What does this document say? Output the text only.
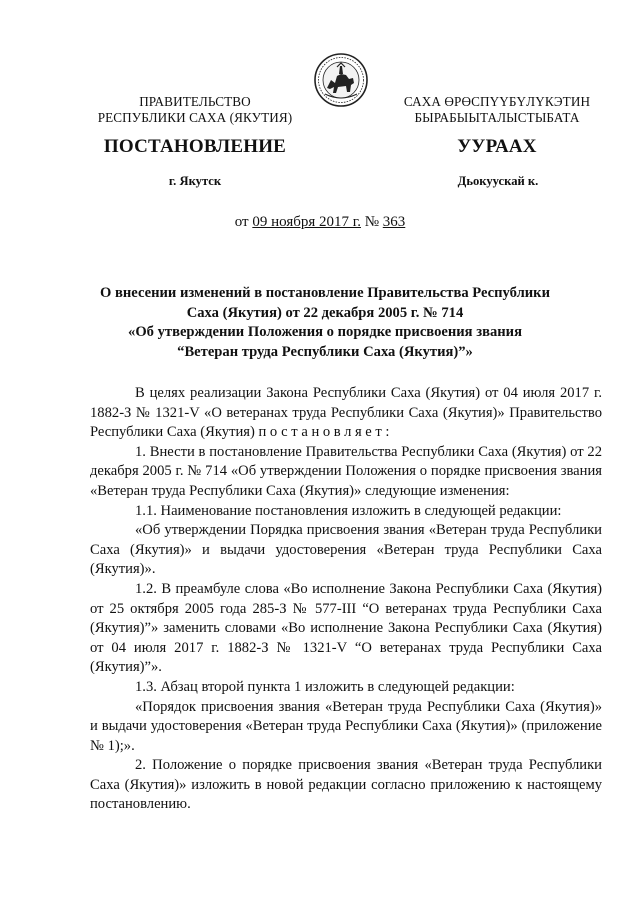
ПРАВИТЕЛЬСТВО
РЕСПУБЛИКИ САХА (ЯКУТИЯ)
САХА ӨРӨСПҮҮБҮЛҮКЭТИН
БЫРАБЫЫТАЛЫСТЫБАТА
ПОСТАНОВЛЕНИЕ	УУРААХ
г. Якутск	Дьокуускай к.
от 09 ноября 2017 г. № 363
О внесении изменений в постановление Правительства Республики
Саха (Якутия) от 22 декабря 2005 г. № 714
«Об утверждении Положения о порядке присвоения звания
“Ветеран труда Республики Саха (Якутия)”»

В целях реализации Закона Республики Саха (Якутия) от 04 июля 2017 г. 1882-З № 1321-V «О ветеранах труда Республики Саха (Якутия)» Правительство Республики Саха (Якутия) постановляет:

1. Внести в постановление Правительства Республики Саха (Якутия) от 22 декабря 2005 г. № 714 «Об утверждении Положения о порядке присвоения звания «Ветеран труда Республики Саха (Якутия)» следующие изменения:

1.1. Наименование постановления изложить в следующей редакции:

«Об утверждении Порядка присвоения звания «Ветеран труда Республики Саха (Якутия)» и выдачи удостоверения «Ветеран труда Республики Саха (Якутия)».

1.2. В преамбуле слова «Во исполнение Закона Республики Саха (Якутия) от 25 октября 2005 года 285-З № 577-III “О ветеранах труда Республики Саха (Якутия)”» заменить словами «Во исполнение Закона Республики Саха (Якутия) от 04 июля 2017 г. 1882-З № 1321-V “О ветеранах труда Республики Саха (Якутия)”».

1.3. Абзац второй пункта 1 изложить в следующей редакции:

«Порядок присвоения звания «Ветеран труда Республики Саха (Якутия)» и выдачи удостоверения «Ветеран труда Республики Саха (Якутия)» (приложение № 1);».

2. Положение о порядке присвоения звания «Ветеран труда Республики Саха (Якутия)» изложить в новой редакции согласно приложению к настоящему постановлению.
